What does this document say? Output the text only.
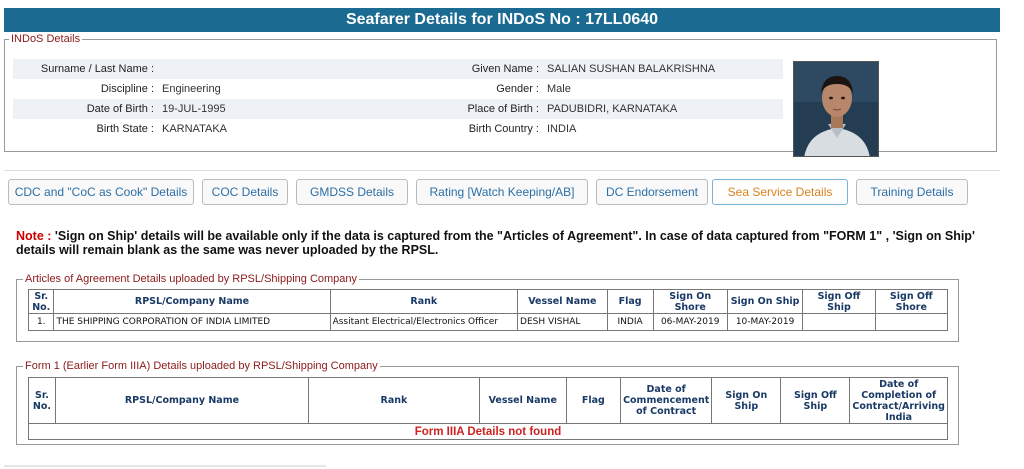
Seafarer Details for INDoS No : 17LL0640
INDoS Details
Surname / Last Name :	Given Name : SALIAN SUSHAN BALAKRISHNA
Discipline : Engineering	Gender : Male
Date of Birth : 19-JUL-1995	Place of Birth : PADUBIDRI, KARNATAKA
Birth State : KARNATAKA	Birth Country : INDIA
CDC and "CoC as Cook" Details	COC Details	GMDSS Details	Rating [Watch Keeping/AB]	DC Endorsement	Sea Service Details	Training Details
Note : 'Sign on Ship' details will be available only if the data is captured from the "Articles of Agreement". In case of data captured from "FORM 1" , 'Sign on Ship' details will remain blank as the same was never uploaded by the RPSL.
Articles of Agreement Details uploaded by RPSL/Shipping Company
Sr. No.	RPSL/Company Name	Rank	Vessel Name	Flag	Sign On Shore	Sign On Ship	Sign Off Ship	Sign Off Shore
1.	THE SHIPPING CORPORATION OF INDIA LIMITED	Assitant Electrical/Electronics Officer	DESH VISHAL	INDIA	06-MAY-2019	10-MAY-2019		
Form 1 (Earlier Form IIIA) Details uploaded by RPSL/Shipping Company
Sr. No.	RPSL/Company Name	Rank	Vessel Name	Flag	Date of Commencement of Contract	Sign On Ship	Sign Off Ship	Date of Completion of Contract/Arriving India
Form IIIA Details not found
